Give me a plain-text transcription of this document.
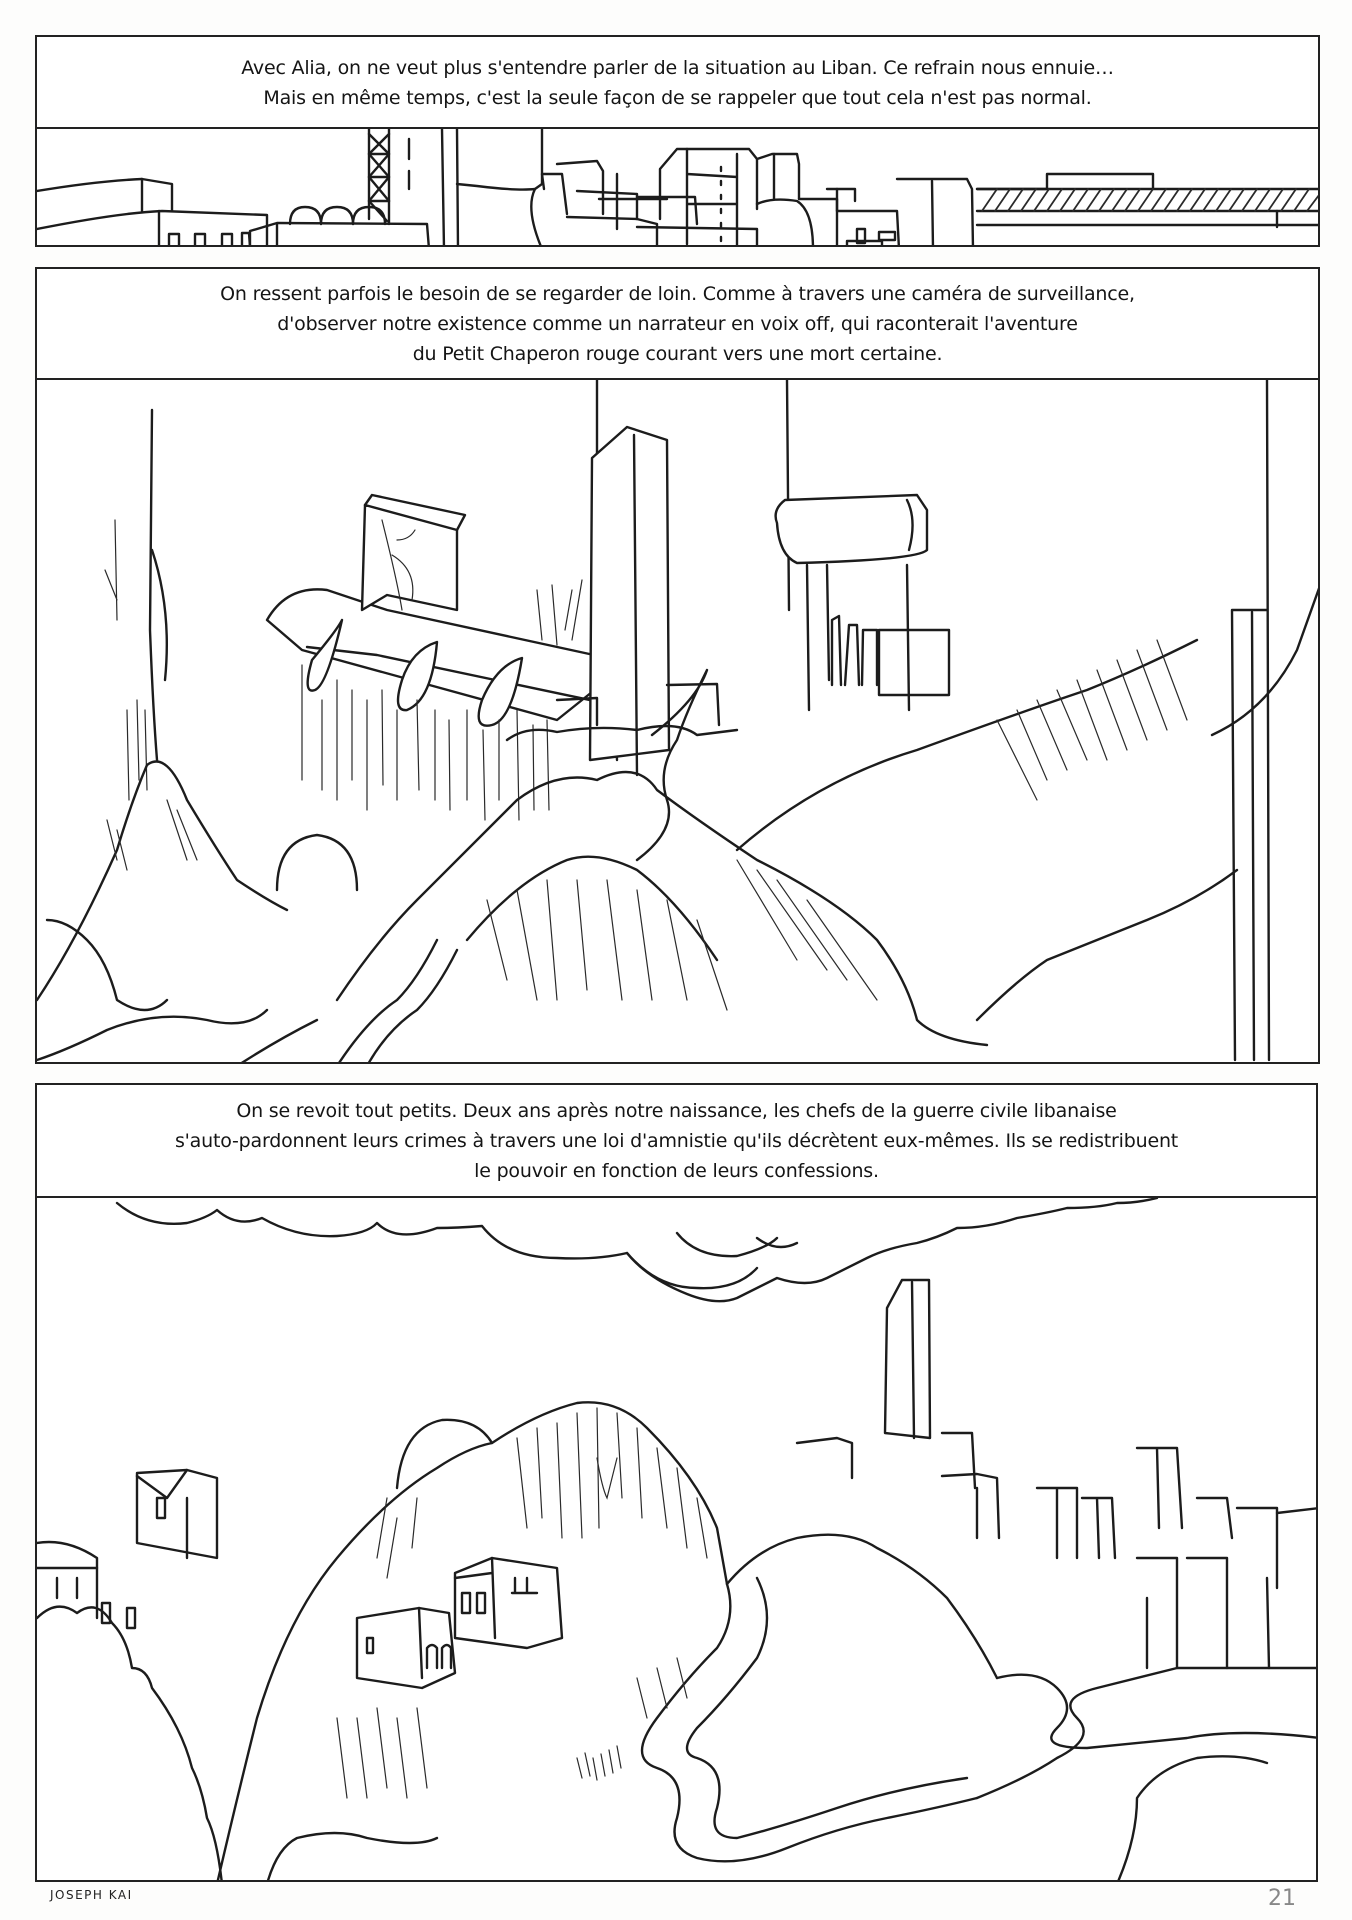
Avec Alia, on ne veut plus s'entendre parler de la situation au Liban. Ce refrain nous ennuie…
Mais en même temps, c'est la seule façon de se rappeler que tout cela n'est pas normal.
On ressent parfois le besoin de se regarder de loin. Comme à travers une caméra de surveillance,
d'observer notre existence comme un narrateur en voix off, qui raconterait l'aventure
du Petit Chaperon rouge courant vers une mort certaine.
On se revoit tout petits. Deux ans après notre naissance, les chefs de la guerre civile libanaise
s'auto-pardonnent leurs crimes à travers une loi d'amnistie qu'ils décrètent eux-mêmes. Ils se redistribuent
le pouvoir en fonction de leurs confessions.
JOSEPH KAI	21
